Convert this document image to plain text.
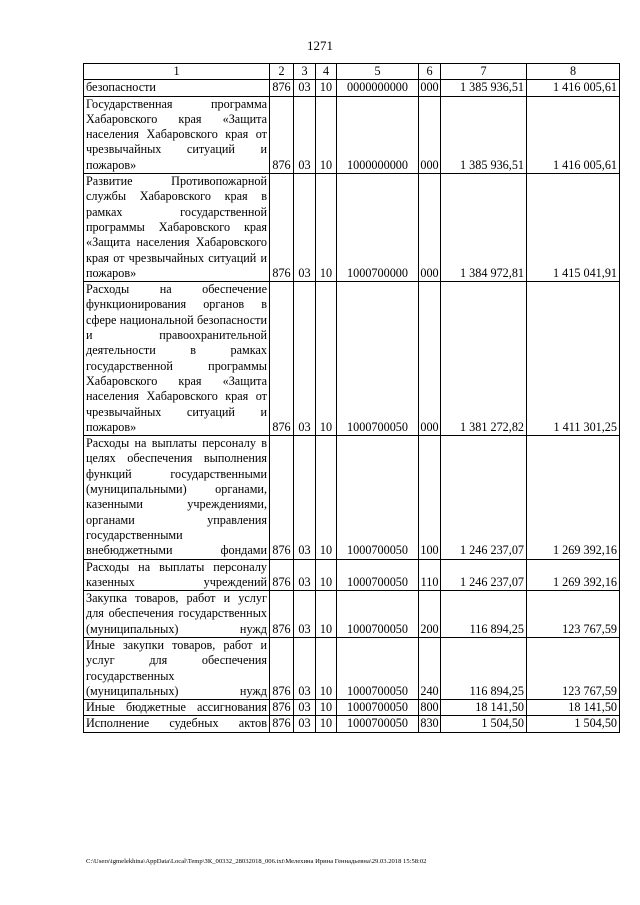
1271
1	2	3	4	5	6	7	8
безопасности	876	03	10	0000000000	000	1 385 936,51	1 416 005,61
Государственная программа Хабаровского края «Защита населения Хабаровского края от чрезвычайных ситуаций и пожаров»	876	03	10	1000000000	000	1 385 936,51	1 416 005,61
Развитие Противопожарной службы Хабаровского края в рамках государственной программы Хабаровского края «Защита населения Хабаровского края от чрезвычайных ситуаций и пожаров»	876	03	10	1000700000	000	1 384 972,81	1 415 041,91
Расходы на обеспечение функционирования органов в сфере национальной безопасности и правоохранительной деятельности в рамках государственной программы Хабаровского края «Защита населения Хабаровского края от чрезвычайных ситуаций и пожаров»	876	03	10	1000700050	000	1 381 272,82	1 411 301,25
Расходы на выплаты персоналу в целях обеспечения выполнения функций государственными (муниципальными) органами, казенными учреждениями, органами управления государственными внебюджетными фондами	876	03	10	1000700050	100	1 246 237,07	1 269 392,16
Расходы на выплаты персоналу казенных учреждений	876	03	10	1000700050	110	1 246 237,07	1 269 392,16
Закупка товаров, работ и услуг для обеспечения государственных (муниципальных) нужд	876	03	10	1000700050	200	116 894,25	123 767,59
Иные закупки товаров, работ и услуг для обеспечения государственных (муниципальных) нужд	876	03	10	1000700050	240	116 894,25	123 767,59
Иные бюджетные ассигнования	876	03	10	1000700050	800	18 141,50	18 141,50
Исполнение судебных актов	876	03	10	1000700050	830	1 504,50	1 504,50
C:\Users\igmelekhina\AppData\Local\Temp\ЗК_00332_28032018_006.txt\Мелехина Ирина Геннадьевна\29.03.2018 15:58:02
